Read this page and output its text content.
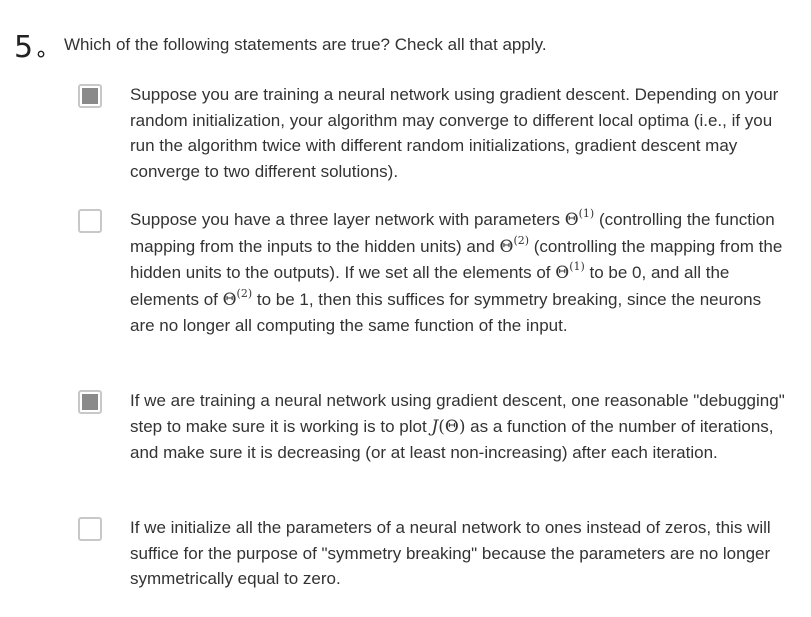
5∘ Which of the following statements are true? Check all that apply.
Suppose you are training a neural network using gradient descent. Depending on your random initialization, your algorithm may converge to different local optima (i.e., if you run the algorithm twice with different random initializations, gradient descent may converge to two different solutions).
Suppose you have a three layer network with parameters $\Theta^{(1)}$ (controlling the function mapping from the inputs to the hidden units) and $\Theta^{(2)}$ (controlling the mapping from the hidden units to the outputs). If we set all the elements of $\Theta^{(1)}$ to be 0, and all the elements of $\Theta^{(2)}$ to be 1, then this suffices for symmetry breaking, since the neurons are no longer all computing the same function of the input.
If we are training a neural network using gradient descent, one reasonable "debugging" step to make sure it is working is to plot J(Θ) as a function of the number of iterations, and make sure it is decreasing (or at least non-increasing) after each iteration.
If we initialize all the parameters of a neural network to ones instead of zeros, this will suffice for the purpose of "symmetry breaking" because the parameters are no longer symmetrically equal to zero.
